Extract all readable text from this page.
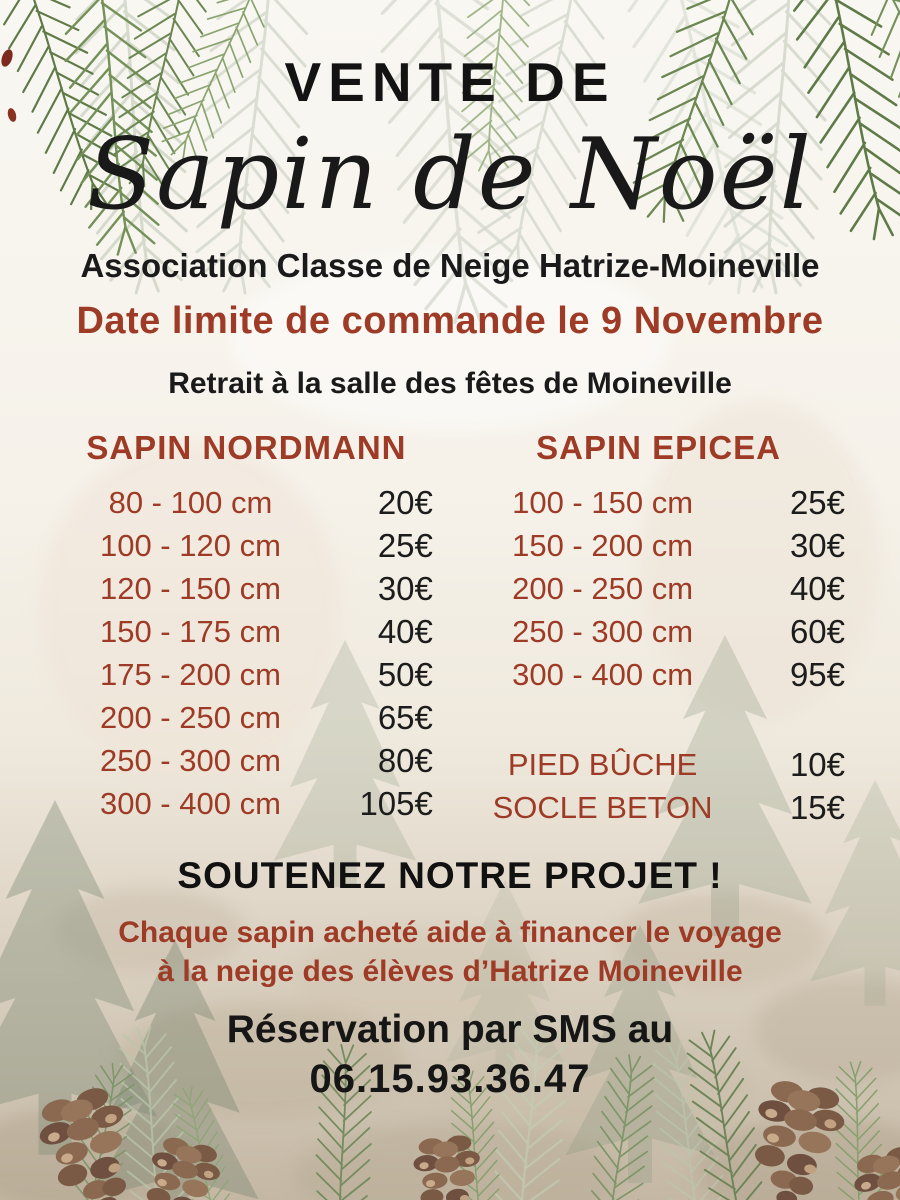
VENTE DE
Sapin de Noël
Association Classe de Neige Hatrize-Moineville
Date limite de commande le 9 Novembre
Retrait à la salle des fêtes de Moineville
SAPIN NORDMANN
80 - 100 cm	20€
100 - 120 cm	25€
120 - 150 cm	30€
150 - 175 cm	40€
175 - 200 cm	50€
200 - 250 cm	65€
250 - 300 cm	80€
300 - 400 cm	105€
SAPIN EPICEA
100 - 150 cm	25€
150 - 200 cm	30€
200 - 250 cm	40€
250 - 300 cm	60€
300 - 400 cm	95€
PIED BÛCHE	10€
SOCLE BETON	15€
SOUTENEZ NOTRE PROJET !
Chaque sapin acheté aide à financer le voyage
à la neige des élèves d’Hatrize Moineville
Réservation par SMS au
06.15.93.36.47
